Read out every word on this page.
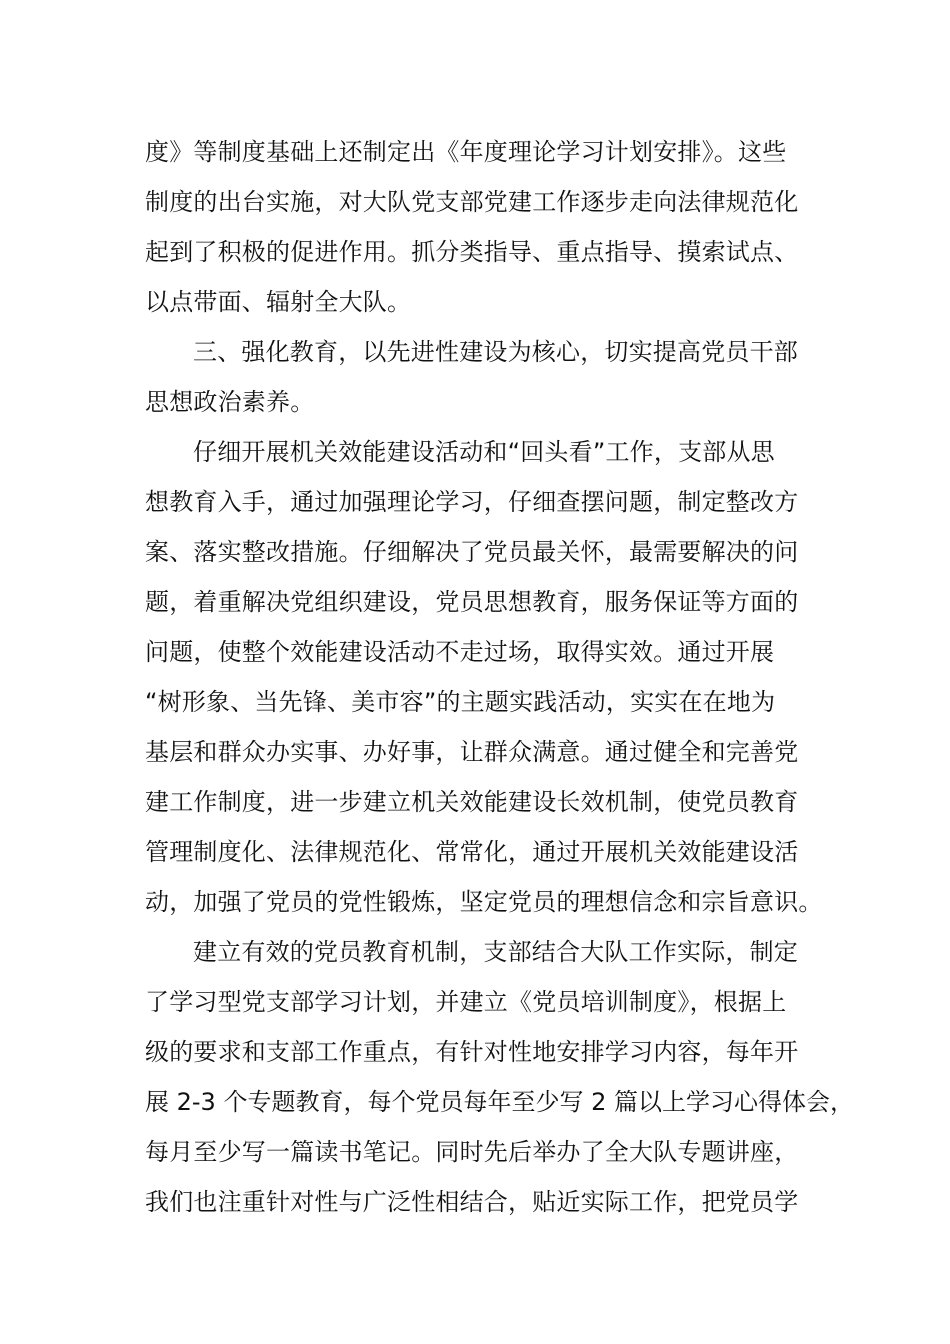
度》等制度基础上还制定出《年度理论学习计划安排》。这些
制度的出台实施，对大队党支部党建工作逐步走向法律规范化
起到了积极的促进作用。抓分类指导、重点指导、摸索试点、
以点带面、辐射全大队。
三、强化教育，以先进性建设为核心，切实提高党员干部
思想政治素养。
仔细开展机关效能建设活动和“回头看”工作，支部从思
想教育入手，通过加强理论学习，仔细查摆问题，制定整改方
案、落实整改措施。仔细解决了党员最关怀，最需要解决的问
题，着重解决党组织建设，党员思想教育，服务保证等方面的
问题，使整个效能建设活动不走过场，取得实效。通过开展
“树形象、当先锋、美市容”的主题实践活动，实实在在地为
基层和群众办实事、办好事，让群众满意。通过健全和完善党
建工作制度，进一步建立机关效能建设长效机制，使党员教育
管理制度化、法律规范化、常常化，通过开展机关效能建设活
动，加强了党员的党性锻炼，坚定党员的理想信念和宗旨意识。
建立有效的党员教育机制，支部结合大队工作实际，制定
了学习型党支部学习计划，并建立《党员培训制度》，根据上
级的要求和支部工作重点，有针对性地安排学习内容，每年开
展 2-3 个专题教育，每个党员每年至少写 2 篇以上学习心得体会，
每月至少写一篇读书笔记。同时先后举办了全大队专题讲座，
我们也注重针对性与广泛性相结合，贴近实际工作，把党员学
